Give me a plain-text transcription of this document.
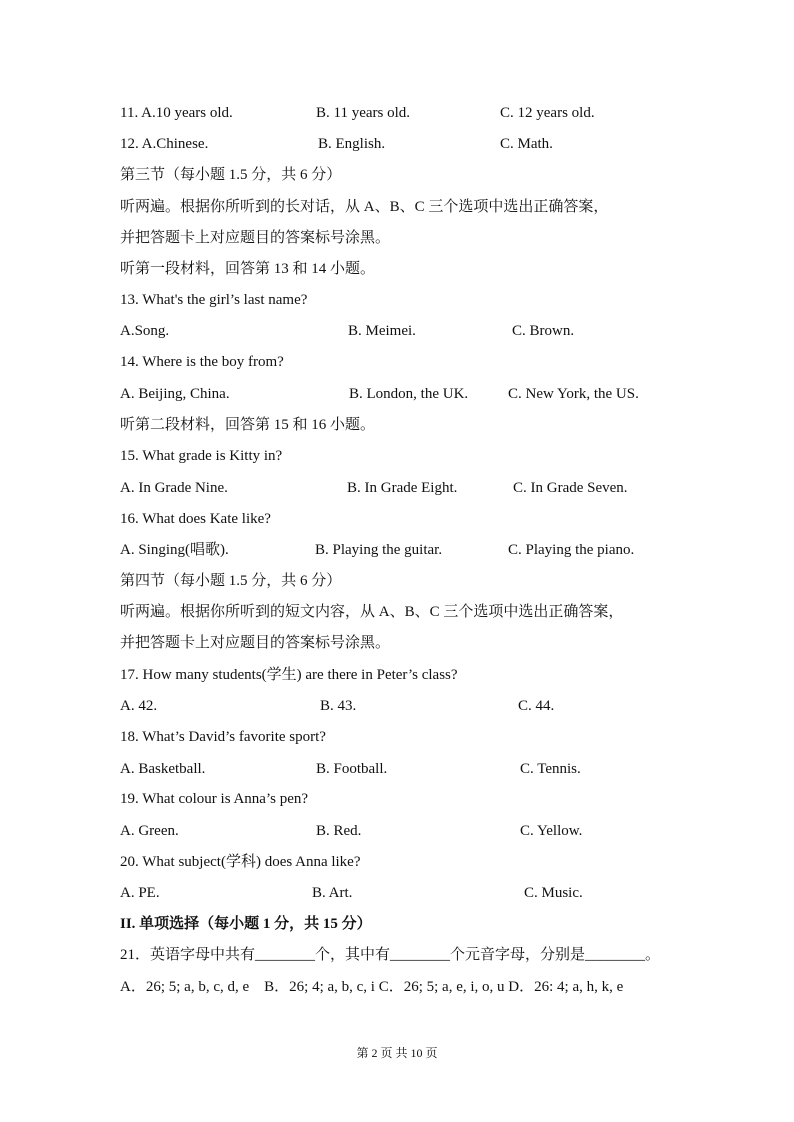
11. A.10 years old.	B. 11 years old.	C. 12 years old.
12. A.Chinese.	B. English.	C. Math.
第三节（每小题 1.5 分，共 6 分）
听两遍。根据你所听到的长对话，从 A、B、C 三个选项中选出正确答案，
并把答题卡上对应题目的答案标号涂黑。
听第一段材料，回答第 13 和 14 小题。
13. What's the girl’s last name?
A.Song.	B. Meimei.	C. Brown.
14. Where is the boy from?
A. Beijing, China.	B. London, the UK.	C. New York, the US.
听第二段材料，回答第 15 和 16 小题。
15. What grade is Kitty in?
A. In Grade Nine.	B. In Grade Eight.	C. In Grade Seven.
16. What does Kate like?
A. Singing(唱歌).	B. Playing the guitar.	C. Playing the piano.
第四节（每小题 1.5 分，共 6 分）
听两遍。根据你所听到的短文内容，从 A、B、C 三个选项中选出正确答案，
并把答题卡上对应题目的答案标号涂黑。
17. How many students(学生) are there in Peter’s class?
A. 42.	B. 43.	C. 44.
18. What’s David’s favorite sport?
A. Basketball.	B. Football.	C. Tennis.
19. What colour is Anna’s pen?
A. Green.	B. Red.	C. Yellow.
20. What subject(学科) does Anna like?
A. PE.	B. Art.	C. Music.
II. 单项选择（每小题 1 分，共 15 分）
21．英语字母中共有________个，其中有________个元音字母，分别是________。
A．26; 5; a, b, c, d, e    B．26; 4; a, b, c, i C．26; 5; a, e, i, o, u D．26: 4; a, h, k, e
第 2 页 共 10 页
